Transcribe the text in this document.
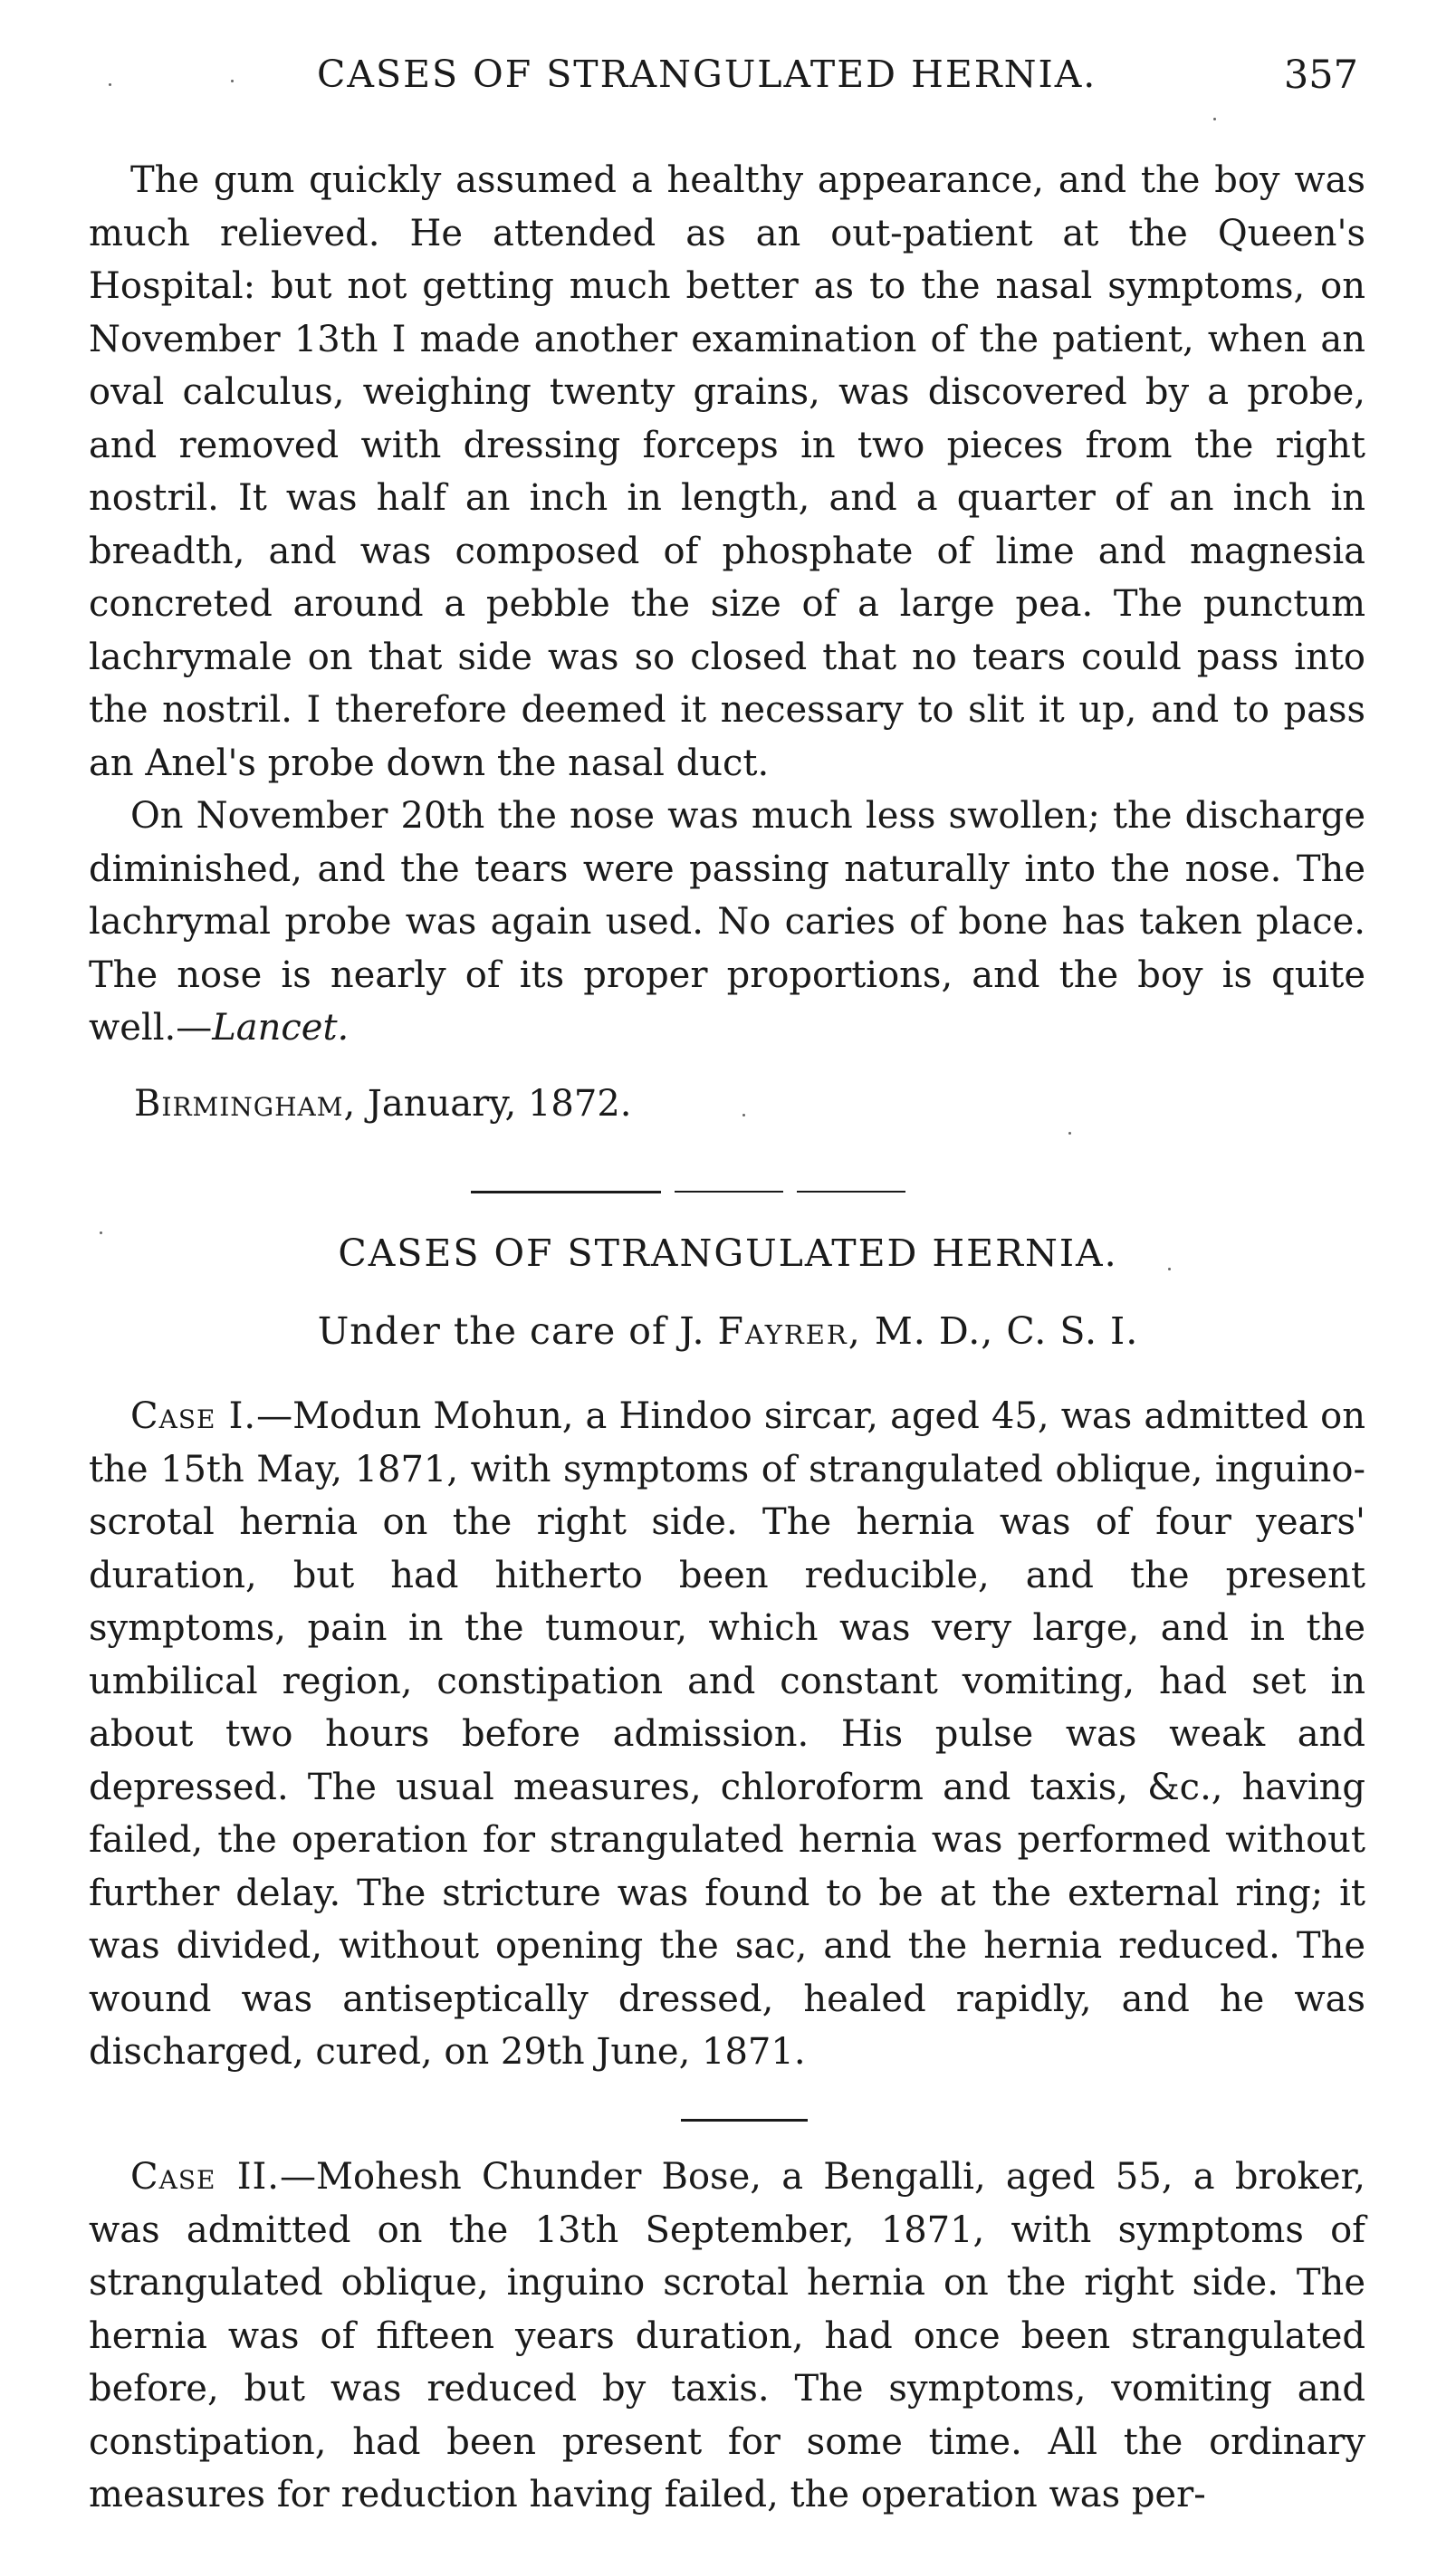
CASES OF STRANGULATED HERNIA.	357

The gum quickly assumed a healthy appearance, and the boy was much relieved. He attended as an out-patient at the Queen's Hospital: but not getting much better as to the nasal symptoms, on November 13th I made another examination of the patient, when an oval calculus, weighing twenty grains, was discovered by a probe, and removed with dressing forceps in two pieces from the right nostril. It was half an inch in length, and a quarter of an inch in breadth, and was composed of phosphate of lime and magnesia concreted around a pebble the size of a large pea. The punctum lachrymale on that side was so closed that no tears could pass into the nostril. I therefore deemed it necessary to slit it up, and to pass an Anel's probe down the nasal duct.

On November 20th the nose was much less swollen; the discharge diminished, and the tears were passing naturally into the nose. The lachrymal probe was again used. No caries of bone has taken place. The nose is nearly of its proper proportions, and the boy is quite well.—Lancet.

Birmingham, January, 1872.
CASES OF STRANGULATED HERNIA.
Under the care of J. Fayrer, M. D., C. S. I.

Case I.—Modun Mohun, a Hindoo sircar, aged 45, was admitted on the 15th May, 1871, with symptoms of strangulated oblique, inguino-scrotal hernia on the right side. The hernia was of four years' duration, but had hitherto been reducible, and the present symptoms, pain in the tumour, which was very large, and in the umbilical region, constipation and constant vomiting, had set in about two hours before admission. His pulse was weak and depressed. The usual measures, chloroform and taxis, &c., having failed, the operation for strangulated hernia was performed without further delay. The stricture was found to be at the external ring; it was divided, without opening the sac, and the hernia reduced. The wound was antiseptically dressed, healed rapidly, and he was discharged, cured, on 29th June, 1871.

Case II.—Mohesh Chunder Bose, a Bengalli, aged 55, a broker, was admitted on the 13th September, 1871, with symptoms of strangulated oblique, inguino scrotal hernia on the right side. The hernia was of fifteen years duration, had once been strangulated before, but was reduced by taxis. The symptoms, vomiting and constipation, had been present for some time. All the ordinary measures for reduction having failed, the operation was per-
